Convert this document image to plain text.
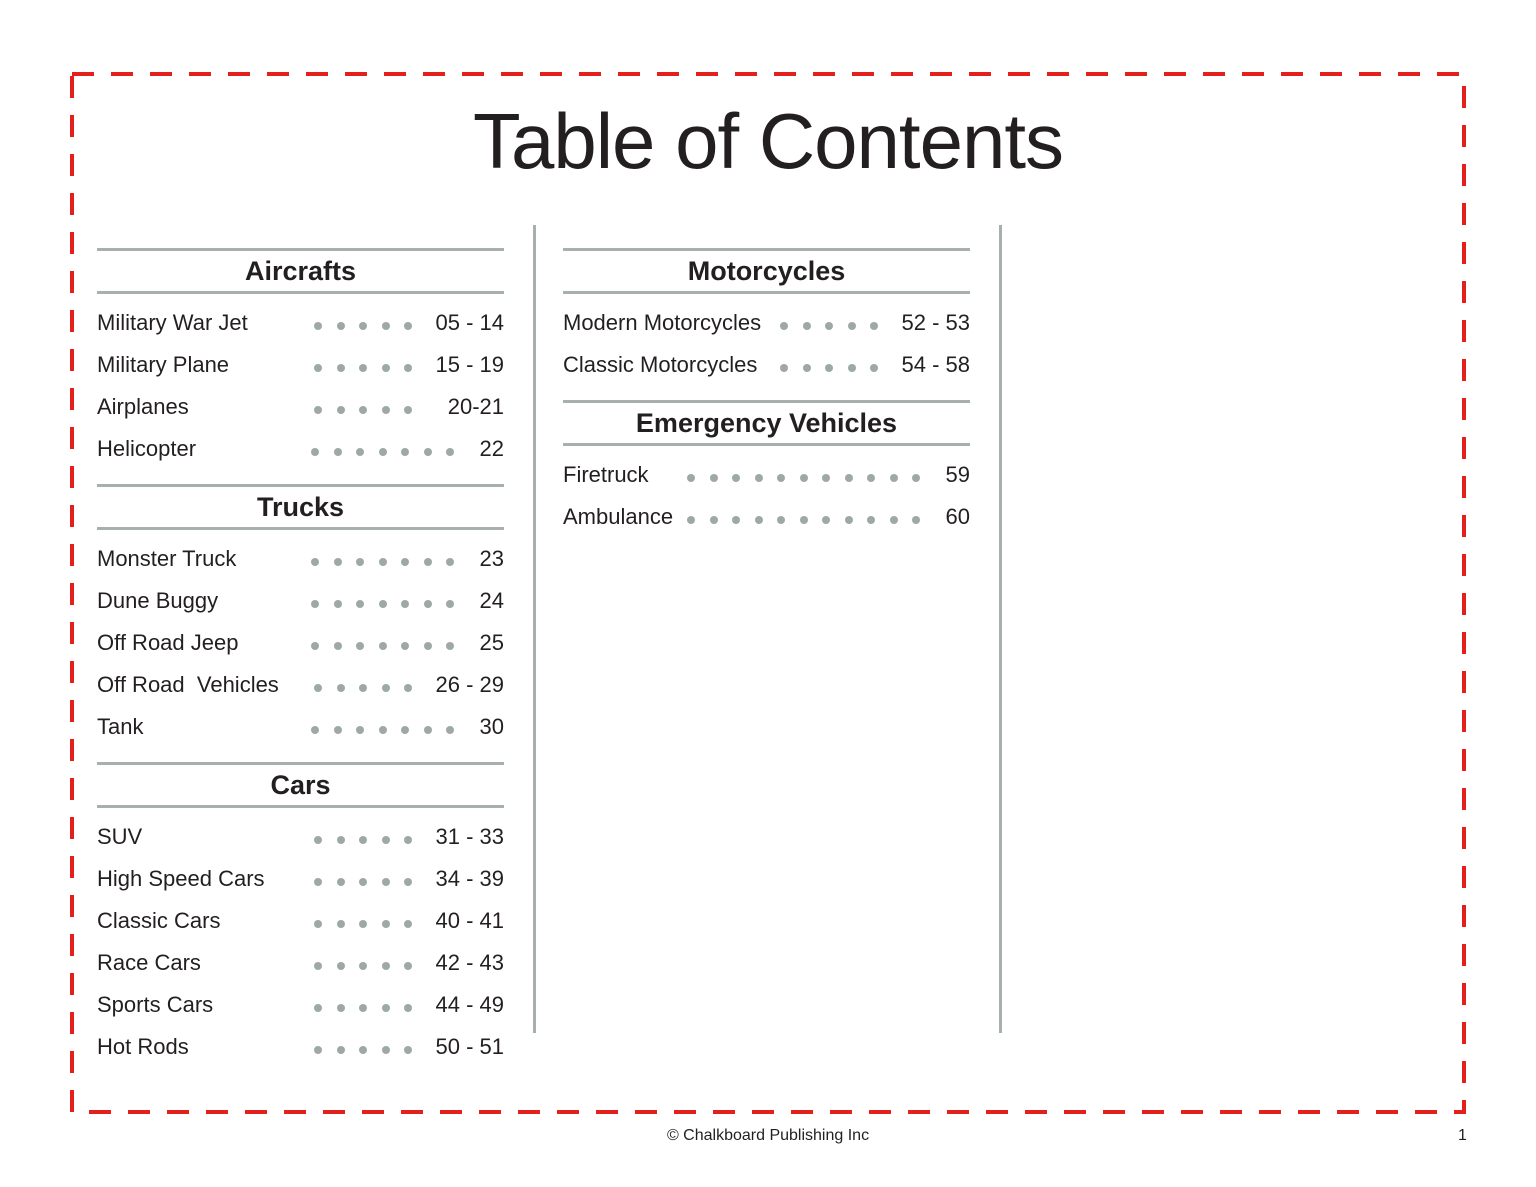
Table of Contents
Aircrafts
Military War Jet	05 - 14
Military Plane	15 - 19
Airplanes	20-21
Helicopter	22
Trucks
Monster Truck	23
Dune Buggy	24
Off Road Jeep	25
Off Road  Vehicles	26 - 29
Tank	30
Cars
SUV	31 - 33
High Speed Cars	34 - 39
Classic Cars	40 - 41
Race Cars	42 - 43
Sports Cars	44 - 49
Hot Rods	50 - 51
Motorcycles
Modern Motorcycles	52 - 53
Classic Motorcycles	54 - 58
Emergency Vehicles
Firetruck	59
Ambulance	60
© Chalkboard Publishing Inc	1
